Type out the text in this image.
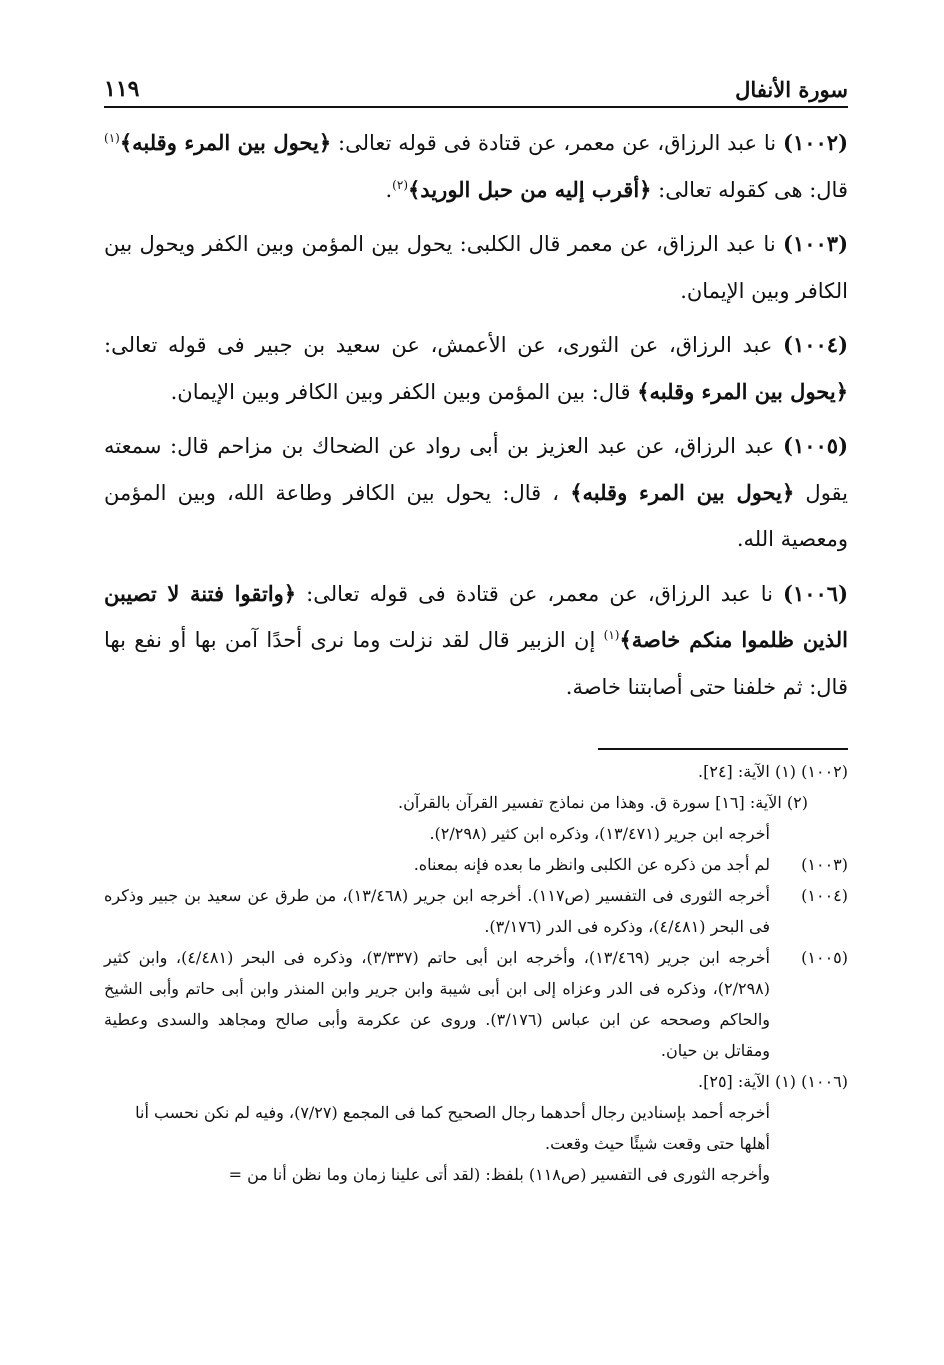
سورة الأنفال
١١٩

(١٠٠٢) نا عبد الرزاق، عن معمر، عن قتادة فى قوله تعالى: ﴿يحول بين المرء وقلبه﴾$^{(١)}$ قال: هى كقوله تعالى: ﴿أقرب إليه من حبل الوريد﴾$^{(٢)}$.

(١٠٠٣) نا عبد الرزاق، عن معمر قال الكلبى: يحول بين المؤمن وبين الكفر ويحول بين الكافر وبين الإيمان.

(١٠٠٤) عبد الرزاق، عن الثورى، عن الأعمش، عن سعيد بن جبير فى قوله تعالى: ﴿يحول بين المرء وقلبه﴾ قال: بين المؤمن وبين الكفر وبين الكافر وبين الإيمان.

(١٠٠٥) عبد الرزاق، عن عبد العزيز بن أبى رواد عن الضحاك بن مزاحم قال: سمعته يقول ﴿يحول بين المرء وقلبه﴾ ، قال: يحول بين الكافر وطاعة الله، وبين المؤمن ومعصية الله.

(١٠٠٦) نا عبد الرزاق، عن معمر، عن قتادة فى قوله تعالى: ﴿واتقوا فتنة لا تصيبن الذين ظلموا منكم خاصة﴾$^{(١)}$ إن الزبير قال لقد نزلت وما نرى أحدًا آمن بها أو نفع بها قال: ثم خلفنا حتى أصابتنا خاصة.

(١٠٠٢) (١) الآية: [٢٤].

(٢) الآية: [١٦] سورة ق. وهذا من نماذج تفسير القرآن بالقرآن.

أخرجه ابن جرير (١٣/٤٧١)، وذكره ابن كثير (٢/٢٩٨).

(١٠٠٣)
لم أجد من ذكره عن الكلبى وانظر ما بعده فإنه بمعناه.
(١٠٠٤)
أخرجه الثورى فى التفسير (ص١١٧). أخرجه ابن جرير (١٣/٤٦٨)، من طرق عن سعيد بن جبير وذكره فى البحر (٤/٤٨١)، وذكره فى الدر (٣/١٧٦).
(١٠٠٥)
أخرجه ابن جرير (١٣/٤٦٩)، وأخرجه ابن أبى حاتم (٣/٣٣٧)، وذكره فى البحر (٤/٤٨١)، وابن كثير (٢/٢٩٨)، وذكره فى الدر وعزاه إلى ابن أبى شيبة وابن جرير وابن المنذر وابن أبى حاتم وأبى الشيخ والحاكم وصححه عن ابن عباس (٣/١٧٦). وروى عن عكرمة وأبى صالح ومجاهد والسدى وعطية ومقاتل بن حيان.

(١٠٠٦) (١) الآية: [٢٥].

أخرجه أحمد بإسنادين رجال أحدهما رجال الصحيح كما فى المجمع (٧/٢٧)، وفيه لم نكن نحسب أنا أهلها حتى وقعت شيئًا حيث وقعت.

وأخرجه الثورى فى التفسير (ص١١٨) بلفظ: (لقد أتى علينا زمان وما نظن أنا من =
